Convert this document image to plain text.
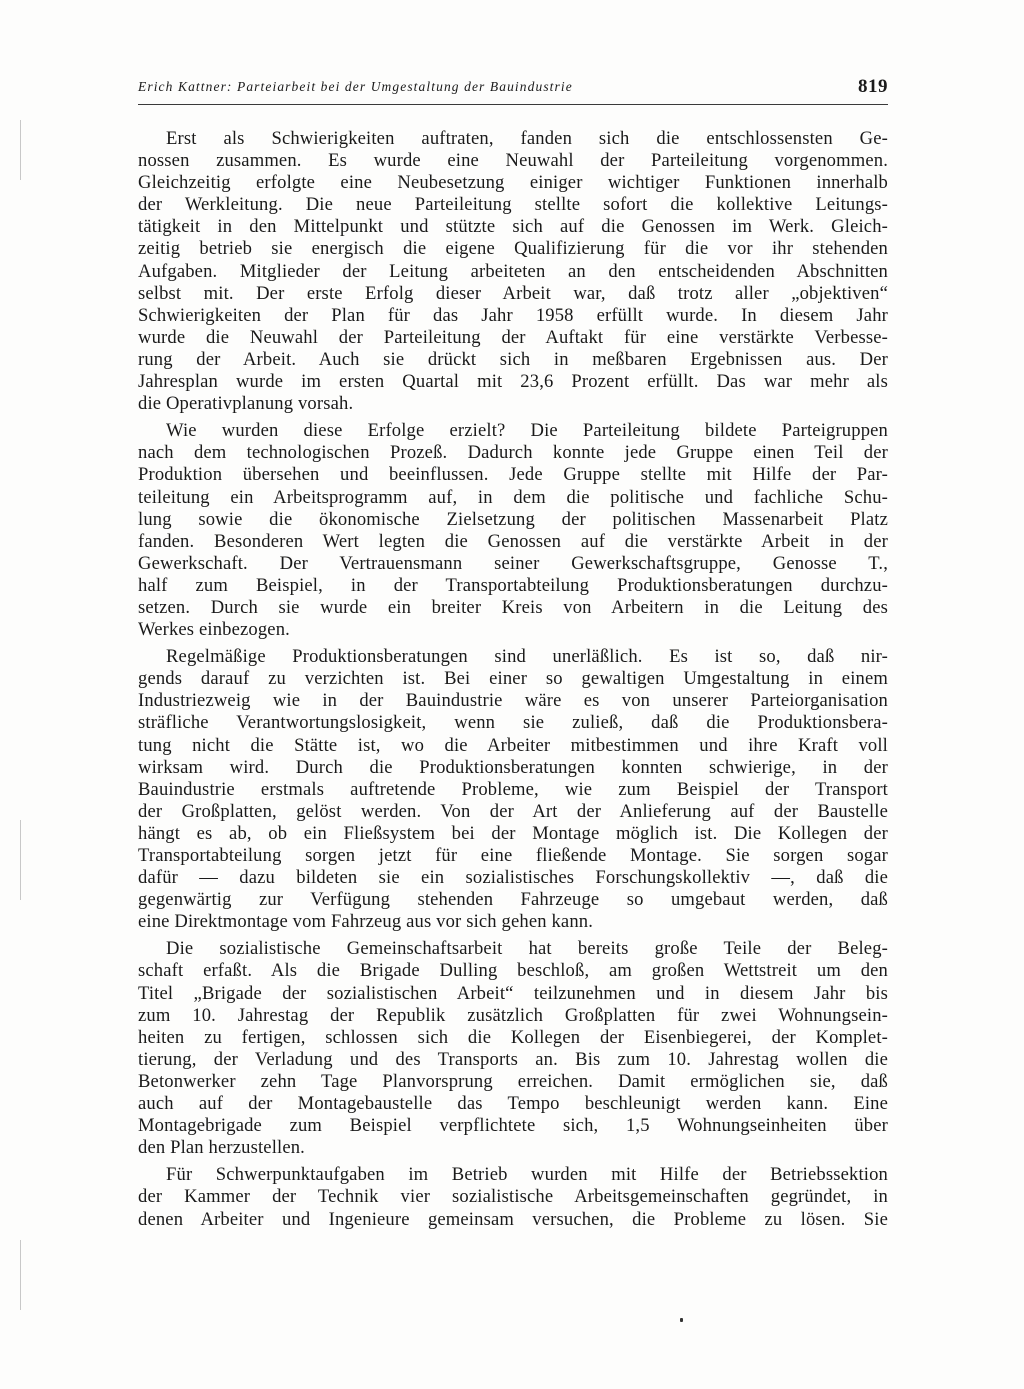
Erich Kattner: Parteiarbeit bei der Umgestaltung der Bauindustrie	819
Erst als Schwierigkeiten auftraten, fanden sich die entschlossensten Ge-
nossen zusammen. Es wurde eine Neuwahl der Parteileitung vorgenommen.
Gleichzeitig erfolgte eine Neubesetzung einiger wichtiger Funktionen innerhalb
der Werkleitung. Die neue Parteileitung stellte sofort die kollektive Leitungs-
tätigkeit in den Mittelpunkt und stützte sich auf die Genossen im Werk. Gleich-
zeitig betrieb sie energisch die eigene Qualifizierung für die vor ihr stehenden
Aufgaben. Mitglieder der Leitung arbeiteten an den entscheidenden Abschnitten
selbst mit. Der erste Erfolg dieser Arbeit war, daß trotz aller „objektiven“
Schwierigkeiten der Plan für das Jahr 1958 erfüllt wurde. In diesem Jahr
wurde die Neuwahl der Parteileitung der Auftakt für eine verstärkte Verbesse-
rung der Arbeit. Auch sie drückt sich in meßbaren Ergebnissen aus. Der
Jahresplan wurde im ersten Quartal mit 23,6 Prozent erfüllt. Das war mehr als
die Operativplanung vorsah.
Wie wurden diese Erfolge erzielt? Die Parteileitung bildete Parteigruppen
nach dem technologischen Prozeß. Dadurch konnte jede Gruppe einen Teil der
Produktion übersehen und beeinflussen. Jede Gruppe stellte mit Hilfe der Par-
teileitung ein Arbeitsprogramm auf, in dem die politische und fachliche Schu-
lung sowie die ökonomische Zielsetzung der politischen Massenarbeit Platz
fanden. Besonderen Wert legten die Genossen auf die verstärkte Arbeit in der
Gewerkschaft. Der Vertrauensmann seiner Gewerkschaftsgruppe, Genosse T.,
half zum Beispiel, in der Transportabteilung Produktionsberatungen durchzu-
setzen. Durch sie wurde ein breiter Kreis von Arbeitern in die Leitung des
Werkes einbezogen.
Regelmäßige Produktionsberatungen sind unerläßlich. Es ist so, daß nir-
gends darauf zu verzichten ist. Bei einer so gewaltigen Umgestaltung in einem
Industriezweig wie in der Bauindustrie wäre es von unserer Parteiorganisation
sträfliche Verantwortungslosigkeit, wenn sie zuließ, daß die Produktionsbera-
tung nicht die Stätte ist, wo die Arbeiter mitbestimmen und ihre Kraft voll
wirksam wird. Durch die Produktionsberatungen konnten schwierige, in der
Bauindustrie erstmals auftretende Probleme, wie zum Beispiel der Transport
der Großplatten, gelöst werden. Von der Art der Anlieferung auf der Baustelle
hängt es ab, ob ein Fließsystem bei der Montage möglich ist. Die Kollegen der
Transportabteilung sorgen jetzt für eine fließende Montage. Sie sorgen sogar
dafür — dazu bildeten sie ein sozialistisches Forschungskollektiv —, daß die
gegenwärtig zur Verfügung stehenden Fahrzeuge so umgebaut werden, daß
eine Direktmontage vom Fahrzeug aus vor sich gehen kann.
Die sozialistische Gemeinschaftsarbeit hat bereits große Teile der Beleg-
schaft erfaßt. Als die Brigade Dulling beschloß, am großen Wettstreit um den
Titel „Brigade der sozialistischen Arbeit“ teilzunehmen und in diesem Jahr bis
zum 10. Jahrestag der Republik zusätzlich Großplatten für zwei Wohnungsein-
heiten zu fertigen, schlossen sich die Kollegen der Eisenbiegerei, der Komplet-
tierung, der Verladung und des Transports an. Bis zum 10. Jahrestag wollen die
Betonwerker zehn Tage Planvorsprung erreichen. Damit ermöglichen sie, daß
auch auf der Montagebaustelle das Tempo beschleunigt werden kann. Eine
Montagebrigade zum Beispiel verpflichtete sich, 1,5 Wohnungseinheiten über
den Plan herzustellen.
Für Schwerpunktaufgaben im Betrieb wurden mit Hilfe der Betriebssektion
der Kammer der Technik vier sozialistische Arbeitsgemeinschaften gegründet, in
denen Arbeiter und Ingenieure gemeinsam versuchen, die Probleme zu lösen. Sie
